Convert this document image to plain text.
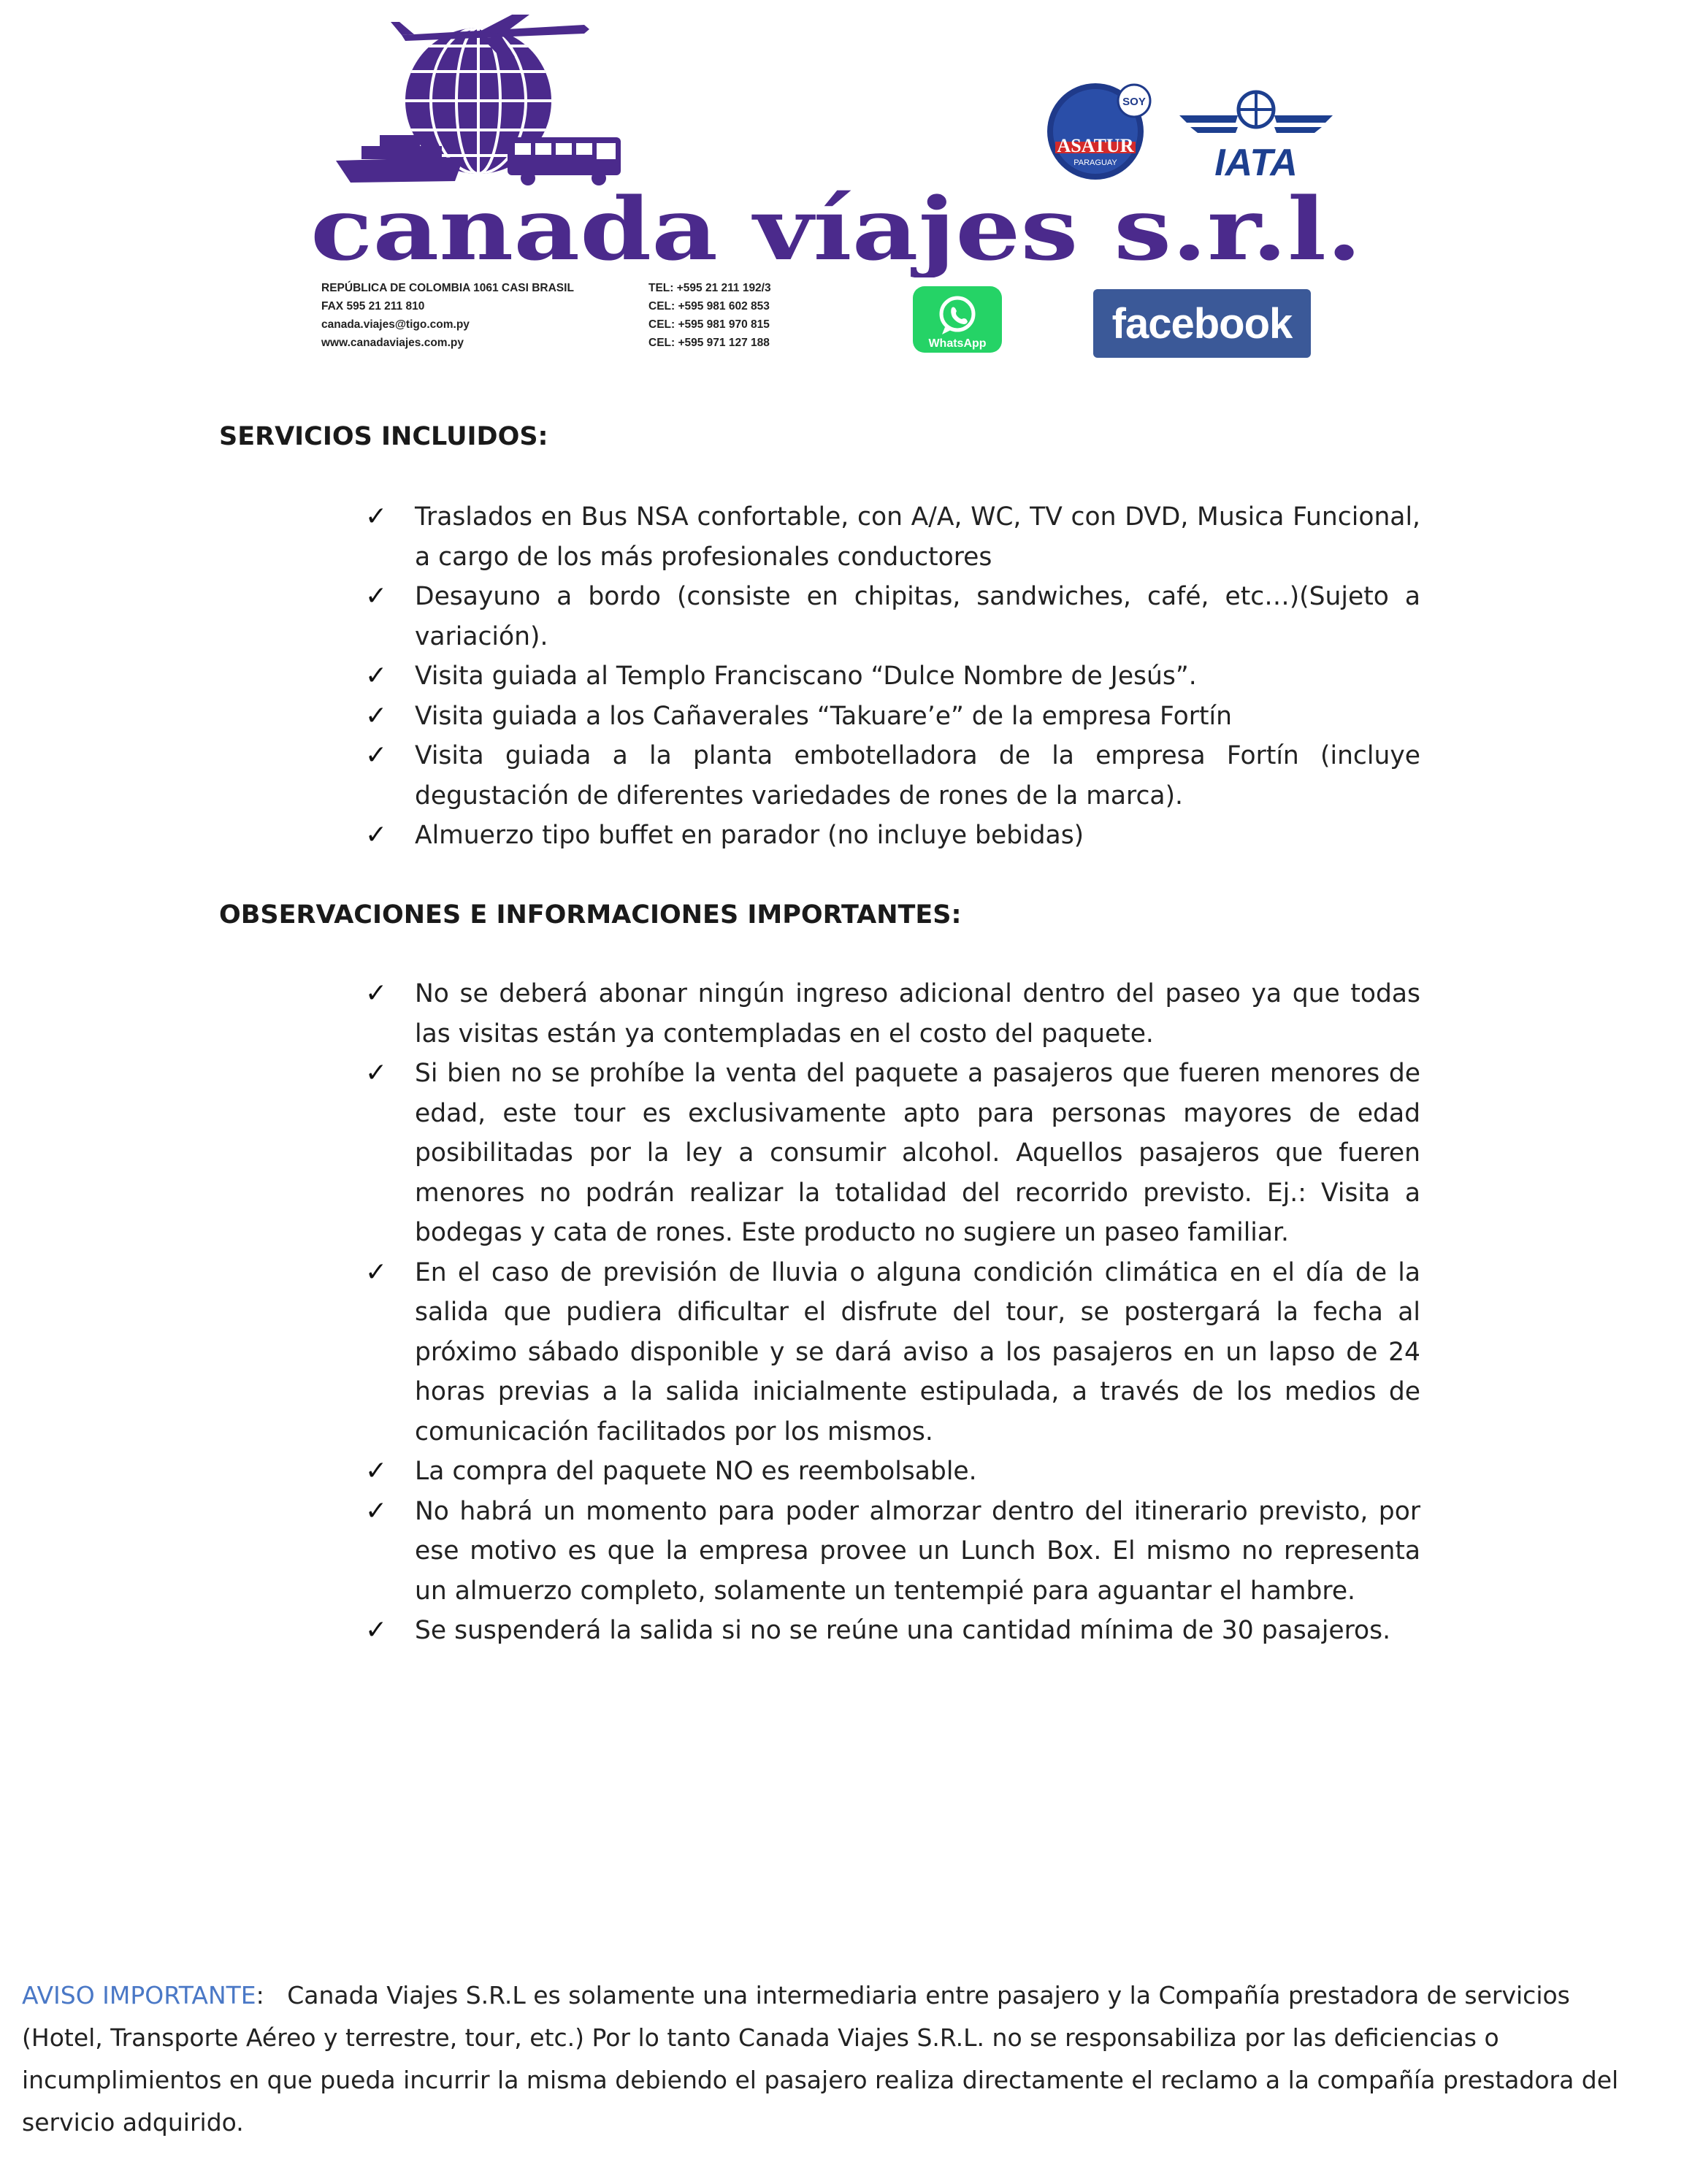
canada víajes s.r.l.
REPÚBLICA DE COLOMBIA 1061 CASI BRASIL
FAX 595 21 211 810
canada.viajes@tigo.com.py
www.canadaviajes.com.py
TEL: +595 21 211 192/3
CEL: +595 981 602 853
CEL: +595 981 970 815
CEL: +595 971 127 188
SOY
ASATUR
PARAGUAY	IATA
WhatsApp	facebook
SERVICIOS INCLUIDOS:
✓ Traslados en Bus NSA confortable, con A/A, WC, TV con DVD, Musica Funcional, a cargo de los más profesionales conductores
✓ Desayuno a bordo (consiste en chipitas, sandwiches, café, etc…)(Sujeto a variación).
✓ Visita guiada al Templo Franciscano “Dulce Nombre de Jesús”.
✓ Visita guiada a los Cañaverales “Takuare’e” de la empresa Fortín
✓ Visita guiada a la planta embotelladora de la empresa Fortín (incluye degustación de diferentes variedades de rones de la marca).
✓ Almuerzo tipo buffet en parador (no incluye bebidas)
OBSERVACIONES E INFORMACIONES IMPORTANTES:
✓ No se deberá abonar ningún ingreso adicional dentro del paseo ya que todas las visitas están ya contempladas en el costo del paquete.
✓ Si bien no se prohíbe la venta del paquete a pasajeros que fueren menores de edad, este tour es exclusivamente apto para personas mayores de edad posibilitadas por la ley a consumir alcohol. Aquellos pasajeros que fueren menores no podrán realizar la totalidad del recorrido previsto. Ej.: Visita a bodegas y cata de rones. Este producto no sugiere un paseo familiar.
✓ En el caso de previsión de lluvia o alguna condición climática en el día de la salida que pudiera dificultar el disfrute del tour, se postergará la fecha al próximo sábado disponible y se dará aviso a los pasajeros en un lapso de 24 horas previas a la salida inicialmente estipulada, a través de los medios de comunicación facilitados por los mismos.
✓ La compra del paquete NO es reembolsable.
✓ No habrá un momento para poder almorzar dentro del itinerario previsto, por ese motivo es que la empresa provee un Lunch Box. El mismo no representa un almuerzo completo, solamente un tentempié para aguantar el hambre.
✓ Se suspenderá la salida si no se reúne una cantidad mínima de 30 pasajeros.
AVISO IMPORTANTE:   Canada Viajes S.R.L es solamente una intermediaria entre pasajero y la Compañía prestadora de servicios (Hotel, Transporte Aéreo y terrestre, tour, etc.) Por lo tanto Canada Viajes S.R.L. no se responsabiliza por las deficiencias o incumplimientos en que pueda incurrir la misma debiendo el pasajero realiza directamente el reclamo a la compañía prestadora del servicio adquirido.
